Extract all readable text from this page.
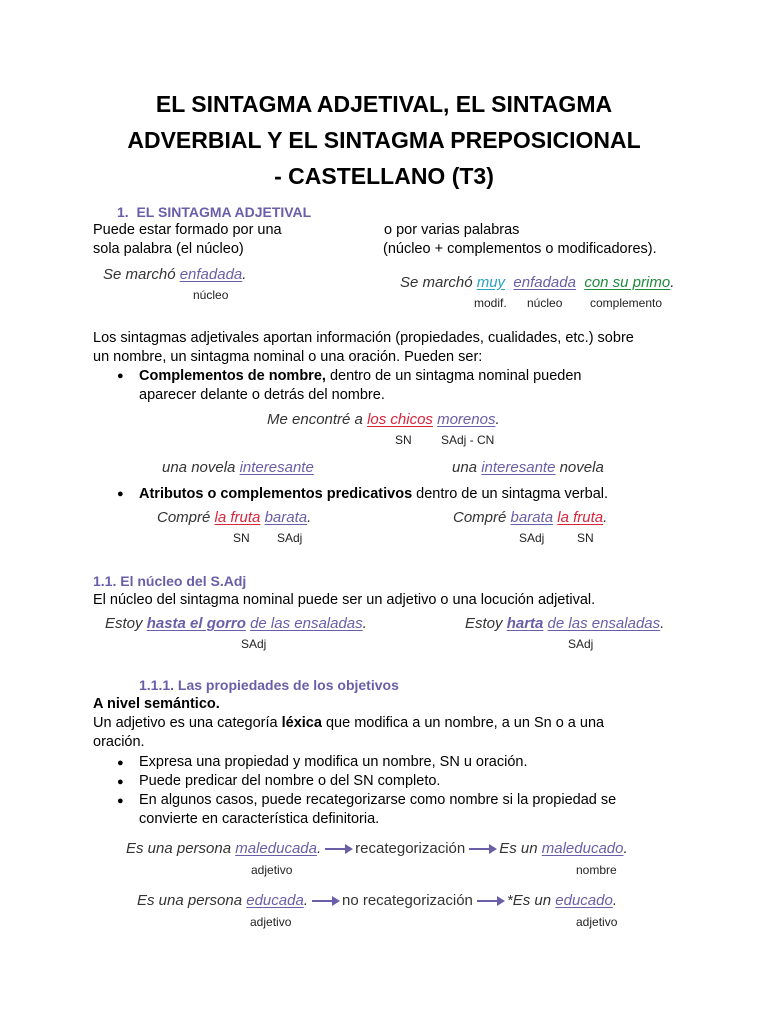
EL SINTAGMA ADJETIVAL, EL SINTAGMA
ADVERBIAL Y EL SINTAGMA PREPOSICIONAL
- CASTELLANO (T3)
1. EL SINTAGMA ADJETIVAL
Puede estar formado por una
sola palabra (el núcleo)
o por varias palabras
(núcleo + complementos o modificadores).
Se marchó enfadada.
núcleo
Se marchó muy enfadada con su primo.
modif. núcleo complemento
Los sintagmas adjetivales aportan información (propiedades, cualidades, etc.) sobre
un nombre, un sintagma nominal o una oración. Pueden ser:
● Complementos de nombre, dentro de un sintagma nominal pueden
aparecer delante o detrás del nombre.
Me encontré a los chicos morenos.
SN SAdj - CN
una novela interesante	una interesante novela
● Atributos o complementos predicativos dentro de un sintagma verbal.
Compré la fruta barata.
SN SAdj
Compré barata la fruta.
SAdj	SN
1.1. El núcleo del S.Adj
El núcleo del sintagma nominal puede ser un adjetivo o una locución adjetival.
Estoy hasta el gorro de las ensaladas.
SAdj
Estoy harta de las ensaladas.
SAdj
1.1.1. Las propiedades de los objetivos
A nivel semántico.
Un adjetivo es una categoría léxica que modifica a un nombre, a un Sn o a una
oración.
● Expresa una propiedad y modifica un nombre, SN u oración.
● Puede predicar del nombre o del SN completo.
● En algunos casos, puede recategorizarse como nombre si la propiedad se
convierte en característica definitoria.
Es una persona maleducada. recategorización Es un maleducado.
adjetivo	nombre
Es una persona educada. no recategorización *Es un educado.
adjetivo	adjetivo
